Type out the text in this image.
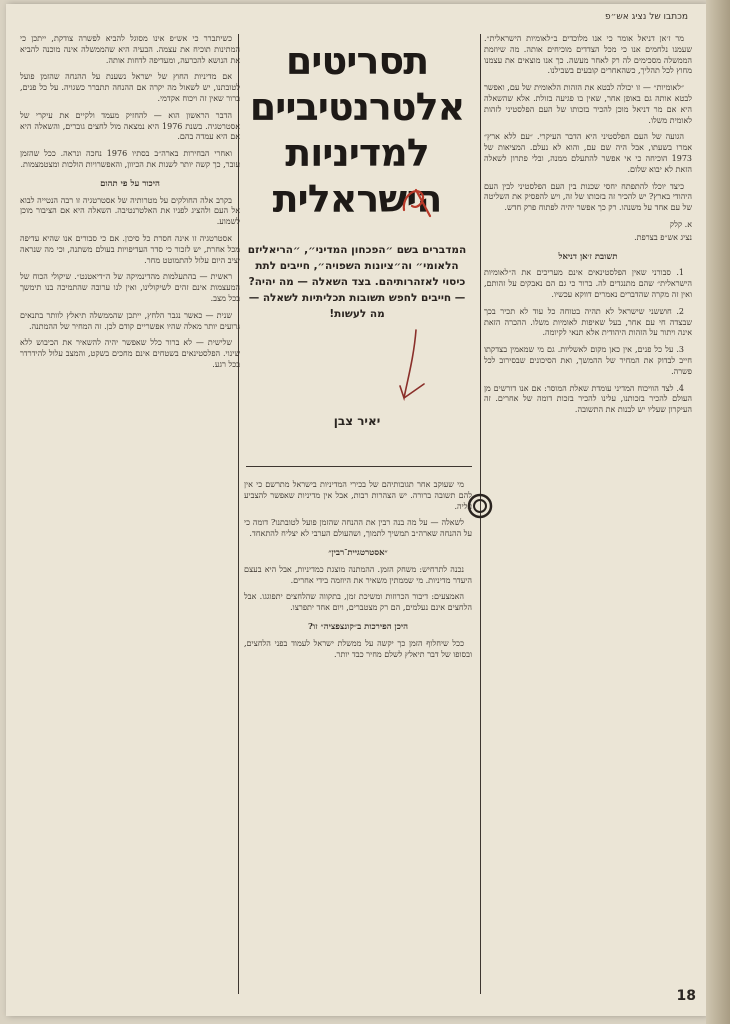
מכתבו של נציג אש״פ

מר ז׳אן דניאל אומר כי אנו מלוכדים ב״לאומיות הישראלית״. שעמנו נלחמים אנו כי מכל הצדדים מוכיחים אותה. מה שיוזמת הממשלה מסכימים לה רק לאחר מעשה. כך אנו מוצאים את עצמנו מחוץ לכל תהליך, כשהאחרים קובעים בשבילנו.

״לאומיות״ — זו יכולה לבטא את הזהות הלאומית של עם, ואפשר לבטא אותה גם באופן אחר, שאין בו פגיעה בזולת. אלא שהשאלה היא אם מר דניאל מוכן להכיר בזכותו של העם הפלסטיני לזהות לאומית משלו.

הגועה של העם הפלסטיני היא הדבר העיקרי. ״עם ללא ארץ״ אמרו בשעתו, אבל היה שם עם, והוא לא נעלם. המציאות של 1973 הוכיחה כי אי אפשר להתעלם ממנה, ובלי פתרון לשאלה הזאת לא יבוא שלום.

כיצד יוכלו להתפתח יחסי שכנות בין העם הפלסטיני לבין העם היהודי בארץ? יש להכיר זה בזכותו של זה, ויש להפסיק את השליטה של עם אחד על משנהו. רק כך אפשר יהיה לפתוח פרק חדש.

א. קלק

נציג אש״פ בצרפת.

תשובת ז׳אן דניאל

1. סבורני שאין הפלסטינאים אינם מעריכים את ה״לאומיות הישראלית״ שהם מתנגדים לה. ברור כי גם הם נאבקים על זהותם, ואין זה מקרה שהדברים נאמרים דווקא עכשיו.

2. חוששני שישראל לא תהיה בטוחה כל עוד לא תכיר בכך שבצדה חי עם אחר, בעל שאיפות לאומיות משלו. ההכרה הזאת אינה ויתור על הזהות היהודית אלא תנאי לקיומה.

3. על כל פנים, אין כאן מקום לאשליות. גם מי שמאמין בצדקתו חייב לבדוק את המחיר של ההמשך, ואת הסיכונים שבסירוב לכל פשרה.

4. לצד הוויכוח המדיני עומדת שאלת המוסר: אם אנו דורשים מן העולם להכיר בזכותנו, עלינו להכיר בזכות דומה של אחרים. זה העיקרון שעליו יש לבנות את התשובה.

תסריטים
אלטרנטיביים
למדיניות
הישראלית
המדברים בשם ״הפכחון המדיני״, ״הריאליזם הלאומי״ וה״ציונות השפויה״, חייבים לתת כיסוי לאזהרותיהם. בצד השאלה — מה יהיה? — חייבים לחפש תשובות תכליתיות לשאלה — מה לעשות!
יאיר צבן

מי שעוקב אחר תגובותיהם של בכירי המדיניות בישראל מתרשם כי אין להם תשובה ברורה. יש הצהרות רבות, אבל אין מדיניות שאפשר להצביע עליה.

לשאלה — על מה בנה רבין את ההנחה שהזמן פועל לטובתנו? דומה כי על ההנחה שארה״ב תמשיך לתמוך, ושהעולם הערבי לא יצליח להתאחד.

״אסטרטגיית־רבין״

נכנה לתרחיש: משחק הזמן. ההמתנה מוצגת כמדיניות, אבל היא בעצם היעדר מדיניות. מי שממתין משאיר את היוזמה בידי אחרים.

האמצעים: דיבור הכרוזות ומשיכת זמן, בתקווה שהלחצים יתפוגגו. אבל הלחצים אינם נעלמים, הם רק מצטברים, ויום אחד יתפרצו.

היכן הפירכות ב״קונצפציה״ זו?

ככל שיחלוף הזמן כך יקשה על ממשלת ישראל לעמוד בפני הלחצים, ובסופו של דבר תיאלץ לשלם מחיר כבד יותר.

כשיתברר כי אש״פ אינו מסוגל להביא לפשרה צודקת, ייתכן כי המתינות תוכיח את עצמה. הבעיה היא שהממשלה אינה מוכנה להביא את הנושא להכרעה, ומעדיפה לדחות אותה.

אם מדיניות החוץ של ישראל נשענת על ההנחה שהזמן פועל לטובתנו, יש לשאול מה יקרה אם ההנחה תתברר כשגויה. על כל פנים, ברור שאין זה ויכוח אקדמי.

הדבר הראשון הוא — להחזיק מעמד ולקיים את עיקרי של אסטרטגיה. בשנת 1976 היא נמצאה מול לחצים גוברים, והשאלה היא אם היא עמדה בהם.

ואחרי הבחירות בארה״ב בסתיו 1976 נחכה ונראה. ככל שהזמן עובר, כך קשה יותר לשנות את הכיוון, והאפשרויות הולכות ומצטמצמות.

היכור על פי תהום

בקרב אלה החולקים על מטרותיה של אסטרטגיה זו רבה הנטייה לבוא אל העם ולהציג לפניו את האלטרנטיבה. השאלה היא אם הציבור מוכן לשמוע.

אסטרטגיה זו אינה חסרת כל סיכון. אם כי סבורים אנו שהיא עדיפה מכל אחרת, יש לזכור כי סדר העדיפויות בעולם משתנה, וכי מה שנראה יציב היום עלול להתמוטט מחר.

ראשית — בהתעלמות מהדינמיקה של ה״דיאטנט״. שיקולי הכוח של המעצמות אינם זהים לשיקולינו, ואין לנו ערובה שהתמיכה בנו תימשך בכל מצב.

שנית — כאשר נגבר הלחץ, ייתכן שהממשלה תיאלץ לוותר בתנאים גרועים יותר מאלה שהיו אפשריים קודם לכן. זה המחיר של ההמתנה.

שלישית — לא ברור כלל שאפשר יהיה להשאיר את הכיבוש ללא שינוי. הפלסטינאים בשטחים אינם מחכים בשקט, והמצב עלול להידרדר בכל רגע.

18
